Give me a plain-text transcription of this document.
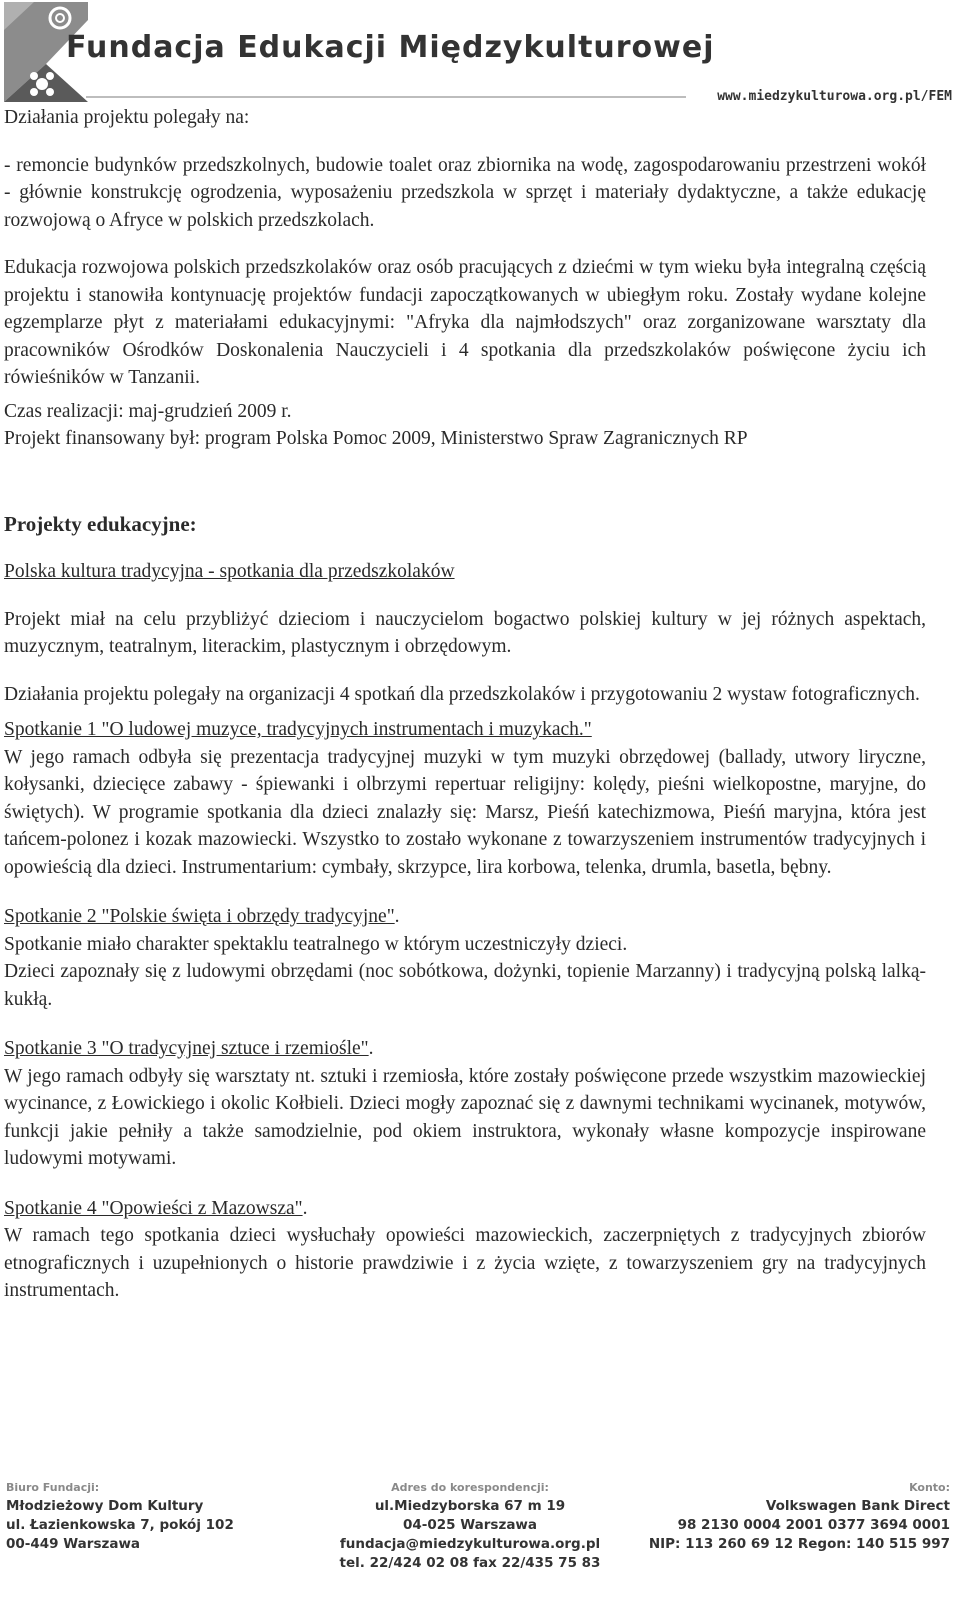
Fundacja Edukacji Międzykulturowej
www.miedzykulturowa.org.pl/FEM

Działania projektu polegały na:

- remoncie budynków przedszkolnych, budowie toalet oraz zbiornika na wodę, zagospodarowaniu przestrzeni wokół - głównie konstrukcję ogrodzenia, wyposażeniu przedszkola w sprzęt i materiały dydaktyczne, a także edukację rozwojową o Afryce w polskich przedszkolach.

Edukacja rozwojowa polskich przedszkolaków oraz osób pracujących z dziećmi w tym wieku była integralną częścią projektu i stanowiła kontynuację projektów fundacji zapoczątkowanych w ubiegłym roku. Zostały wydane kolejne egzemplarze płyt z materiałami edukacyjnymi: "Afryka dla najmłodszych" oraz zorganizowane warsztaty dla pracowników Ośrodków Doskonalenia Nauczycieli i 4 spotkania dla przedszkolaków poświęcone życiu ich rówieśników w Tanzanii.

Czas realizacji: maj-grudzień 2009 r.

Projekt finansowany był: program Polska Pomoc 2009, Ministerstwo Spraw Zagranicznych RP

Projekty edukacyjne:

Polska kultura tradycyjna - spotkania dla przedszkolaków

Projekt miał na celu przybliżyć dzieciom i nauczycielom bogactwo polskiej kultury w jej różnych aspektach, muzycznym, teatralnym, literackim, plastycznym i obrzędowym.

Działania projektu polegały na organizacji 4 spotkań dla przedszkolaków i przygotowaniu 2 wystaw fotograficznych.

Spotkanie 1 "O ludowej muzyce, tradycyjnych instrumentach i muzykach."

W jego ramach odbyła się prezentacja tradycyjnej muzyki w tym muzyki obrzędowej (ballady, utwory liryczne, kołysanki, dziecięce zabawy - śpiewanki i olbrzymi repertuar religijny: kolędy, pieśni wielkopostne, maryjne, do świętych). W programie spotkania dla dzieci znalazły się: Marsz, Pieśń katechizmowa, Pieśń maryjna, która jest tańcem-polonez i kozak mazowiecki. Wszystko to zostało wykonane z towarzyszeniem instrumentów tradycyjnych i opowieścią dla dzieci. Instrumentarium: cymbały, skrzypce, lira korbowa, telenka, drumla, basetla, bębny.

Spotkanie 2 "Polskie święta i obrzędy tradycyjne".

Spotkanie miało charakter spektaklu teatralnego w którym uczestniczyły dzieci.

Dzieci zapoznały się z ludowymi obrzędami (noc sobótkowa, dożynki, topienie Marzanny) i tradycyjną polską lalką-kukłą.

Spotkanie 3 "O tradycyjnej sztuce i rzemiośle".

W jego ramach odbyły się warsztaty nt. sztuki i rzemiosła, które zostały poświęcone przede wszystkim mazowieckiej wycinance, z Łowickiego i okolic Kołbieli. Dzieci mogły zapoznać się z dawnymi technikami wycinanek, motywów, funkcji jakie pełniły a także samodzielnie, pod okiem instruktora, wykonały własne kompozycje inspirowane ludowymi motywami.

Spotkanie 4 "Opowieści z Mazowsza".

W ramach tego spotkania dzieci wysłuchały opowieści mazowieckich, zaczerpniętych z tradycyjnych zbiorów etnograficznych i uzupełnionych o historie prawdziwie i z życia wzięte, z towarzyszeniem gry na tradycyjnych instrumentach.

Biuro Fundacji:
Młodzieżowy Dom Kultury
ul. Łazienkowska 7, pokój 102
00-449 Warszawa
Adres do korespondencji:
ul.Miedzyborska 67 m 19
04-025 Warszawa
fundacja@miedzykulturowa.org.pl
tel. 22/424 02 08 fax 22/435 75 83
Konto:
Volkswagen Bank Direct
98 2130 0004 2001 0377 3694 0001
NIP: 113 260 69 12 Regon: 140 515 997
